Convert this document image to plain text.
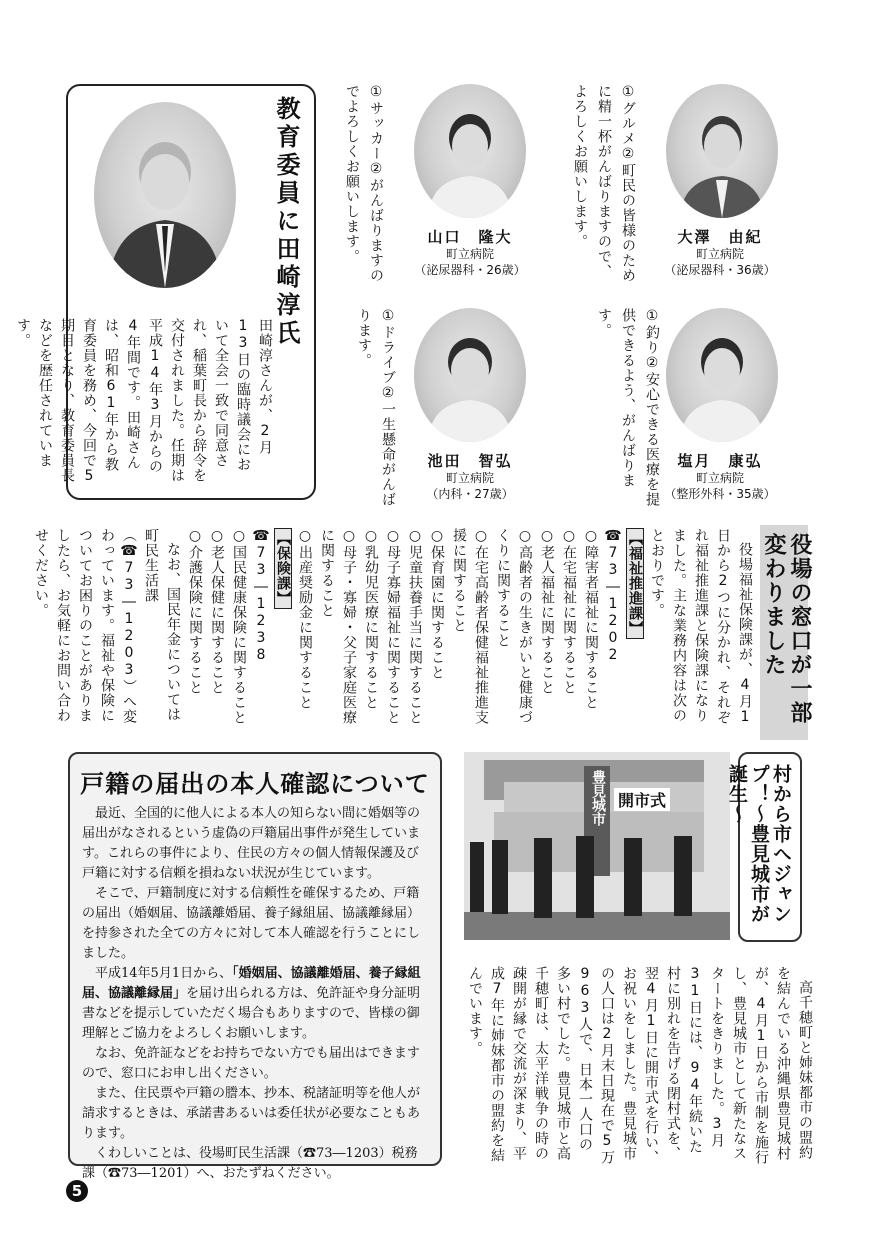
大澤　由紀
町立病院
（泌尿器科・36歳）
①グルメ②町民の皆様のために精一杯がんばりますので、よろしくお願いします。
山口　隆大
町立病院
（泌尿器科・26歳）
①サッカー②がんばりますのでよろしくお願いします。
塩月　康弘
町立病院
（整形外科・35歳）
①釣り②安心できる医療を提供できるよう、がんばります。
池田　智弘
町立病院
（内科・27歳）
①ドライブ②一生懸命がんばります。
教育委員に田崎淳氏
田崎淳さんが、2月13日の臨時議会において全会一致で同意され、稲葉町長から辞令を交付されました。任期は平成14年3月からの4年間です。田崎さんは、昭和61年から教育委員を務め、今回で5期目となり、教育委員長などを歴任されています。
役場の窓口が一部変わりました
役場福祉保険課が、4月1日から2つに分かれ、それぞれ福祉推進課と保険課になりました。主な業務内容は次のとおりです。
【福祉推進課】 ☎73―1202
○障害者福祉に関すること
○在宅福祉に関すること
○老人福祉に関すること
○高齢者の生きがいと健康づくりに関すること
○在宅高齢者保健福祉推進支援に関すること
○保育園に関すること
○児童扶養手当に関すること
○母子寡婦福祉に関すること
○乳幼児医療に関すること
○母子・寡婦・父子家庭医療に関すること
○出産奨励金に関すること
【保険課】 ☎73―1238
○国民健康保険に関すること
○老人保健に関すること
○介護保険に関すること
なお、国民年金については町民生活課（☎73―1203）へ変わっています。福祉や保険についてお困りのことがありましたら、お気軽にお問い合わせください。
戸籍の届出の本人確認について

最近、全国的に他人による本人の知らない間に婚姻等の届出がなされるという虚偽の戸籍届出事件が発生しています。これらの事件により、住民の方々の個人情報保護及び戸籍に対する信頼を損ねない状況が生じています。

そこで、戸籍制度に対する信頼性を確保するため、戸籍の届出（婚姻届、協議離婚届、養子縁組届、協議離縁届）を持参された全ての方々に対して本人確認を行うことにしました。

平成14年5月1日から、「婚姻届、協議離婚届、養子縁組届、協議離縁届」を届け出られる方は、免許証や身分証明書などを提示していただく場合もありますので、皆様の御理解とご協力をよろしくお願いします。

なお、免許証などをお持ちでない方でも届出はできますので、窓口にお申し出ください。

また、住民票や戸籍の謄本、抄本、税諸証明等を他人が請求するときは、承諾書あるいは委任状が必要なこともあります。

くわしいことは、役場町民生活課（☎73―1203）税務課（☎73―1201）へ、おたずねください。

豊見城市 開市式	村から市へジャンプ！～豊見城市が誕生～
高千穂町と姉妹都市の盟約を結んでいる沖縄県豊見城村が、4月1日から市制を施行し、豊見城市として新たなスタートをきりました。3月31日には、94年続いた村に別れを告げる閉村式を、翌4月1日に開市式を行い、お祝いをしました。豊見城市の人口は2月末日現在で5万963人で、日本一人口の多い村でした。豊見城市と高千穂町は、太平洋戦争の時の疎開が縁で交流が深まり、平成7年に姉妹都市の盟約を結んでいます。
5
